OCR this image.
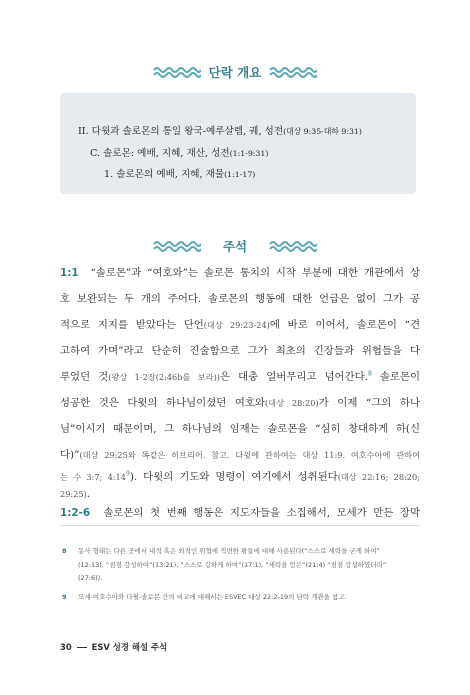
단락 개요
II. 다윗과 솔로몬의 통일 왕국-예루살렘, 궤, 성전(대상 9:35-대하 9:31)
C. 솔로몬: 예배, 지혜, 재산, 성전(1:1-9:31)
1. 솔로몬의 예배, 지혜, 재물(1:1-17)
주석
1:1 “솔로몬”과 “여호와”는 솔로몬 통치의 시작 부분에 대한 개관에서 상
호 보완되는 두 개의 주어다. 솔로몬의 행동에 대한 언급은 없이 그가 공
적으로 지지를 받았다는 단언(대상 29:23-24)에 바로 이어서, 솔로몬이 “견
고하여 가며”라고 단순히 진술함으로 그가 최초의 긴장들과 위협들을 다
루었던 것(왕상 1-2장(2:46b를 보라))은 대충 얼버무리고 넘어간다.$^8$ 솔로몬이
성공한 것은 다윗의 하나님이셨던 여호와(대상 28:20)가 이제 “그의 하나
님”이시기 때문이며, 그 하나님의 임재는 솔로몬을 “심히 창대하게 하(신
다)”(대상 29:25와 똑같은 히브리어. 참고. 다윗에 관하여는 대상 11:9. 여호수아에 관하여
는 수 3:7; $4:14^9$). 다윗의 기도와 명령이 여기에서 성취된다(대상 22:16; 28:20;
29:25).
1:2-6 솔로몬의 첫 번째 행동은 지도자들을 소집해서, 모세가 만든 장막
8 동사 형태는 다른 곳에서 내적 혹은 외적인 위협에 직면한 왕들에 대해 사용된다(“스스로 세력을 굳게 하여”
(12:13), “점점 강성하여”(13:21), “스스로 강하게 하여”(17:1), “세력을 얻은”(21:4) “점점 강성하였더라”
(27:6)).
9 모세-여호수아와 다윗-솔로몬 간의 비교에 대해서는 ESVEC 대상 22:2-19의 단락 개관을 참고.
30 ESV 성경 해설 주석
